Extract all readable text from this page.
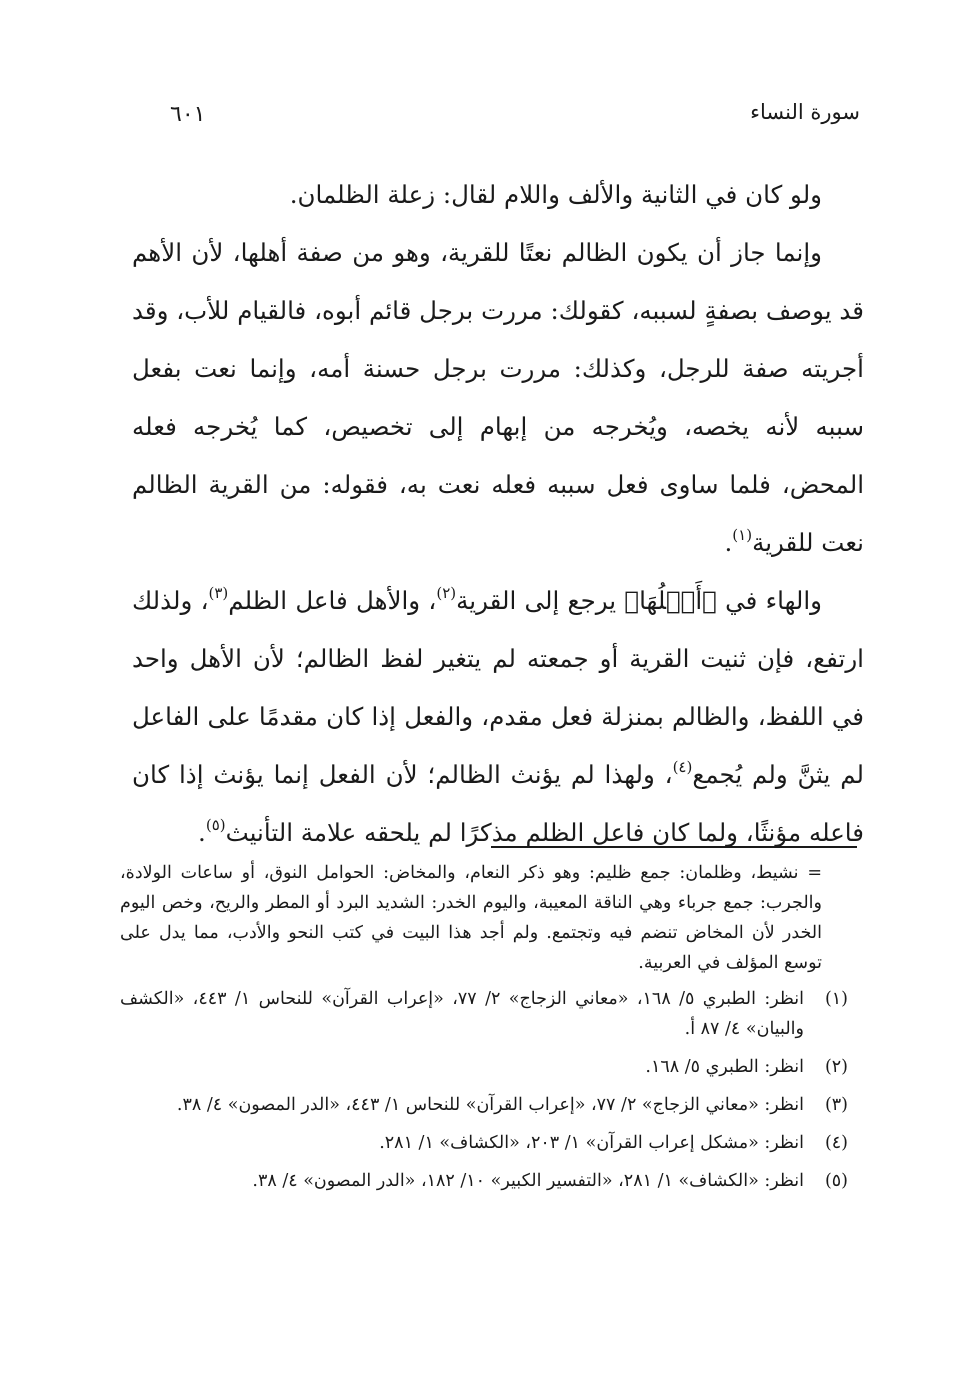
سورة النساء
٦٠١

ولو كان في الثانية والألف واللام لقال: زعلة الظلمان.

وإنما جاز أن يكون الظالم نعتًا للقرية، وهو من صفة أهلها، لأن الأهم قد يوصف بصفةٍ لسببه، كقولك: مررت برجل قائم أبوه، فالقيام للأب، وقد أجريته صفة للرجل، وكذلك: مررت برجل حسنة أمه، وإنما نعت بفعل سببه لأنه يخصه، ويُخرجه من إبهام إلى تخصيص، كما يُخرجه فعله المحض، فلما ساوى فعل سببه فعله نعت به، فقوله: من القرية الظالم نعت للقرية$^{(١)}$.

والهاء في ﴿أَهۡلُهَا﴾ يرجع إلى القرية$^{(٢)}$، والأهل فاعل الظلم$^{(٣)}$، ولذلك ارتفع، فإن ثنيت القرية أو جمعته لم يتغير لفظ الظالم؛ لأن الأهل واحد في اللفظ، والظالم بمنزلة فعل مقدم، والفعل إذا كان مقدمًا على الفاعل لم يثنَّ ولم يُجمع$^{(٤)}$، ولهذا لم يؤنث الظالم؛ لأن الفعل إنما يؤنث إذا كان فاعله مؤنثًا، ولما كان فاعل الظلم مذكرًا لم يلحقه علامة التأنيث$^{(٥)}$.

= نشيط، وظلمان: جمع ظليم: وهو ذكر النعام، والمخاض: الحوامل النوق، أو ساعات الولادة، والجرب: جمع جرباء وهي الناقة المعيبة، واليوم الخدر: الشديد البرد أو المطر والريح، وخص اليوم الخدر لأن المخاض تنضم فيه وتجتمع. ولم أجد هذا البيت في كتب النحو والأدب، مما يدل على توسع المؤلف في العربية.

(١)
انظر: الطبري ٥/ ١٦٨، «معاني الزجاج» ٢/ ٧٧، «إعراب القرآن» للنحاس ١/ ٤٤٣، «الكشف والبيان» ٤/ ٨٧ أ.
(٢)
انظر: الطبري ٥/ ١٦٨.
(٣)
انظر: «معاني الزجاج» ٢/ ٧٧، «إعراب القرآن» للنحاس ١/ ٤٤٣، «الدر المصون» ٤/ ٣٨.
(٤)
انظر: «مشكل إعراب القرآن» ١/ ٢٠٣، «الكشاف» ١/ ٢٨١.
(٥)
انظر: «الكشاف» ١/ ٢٨١، «التفسير الكبير» ١٠/ ١٨٢، «الدر المصون» ٤/ ٣٨.
